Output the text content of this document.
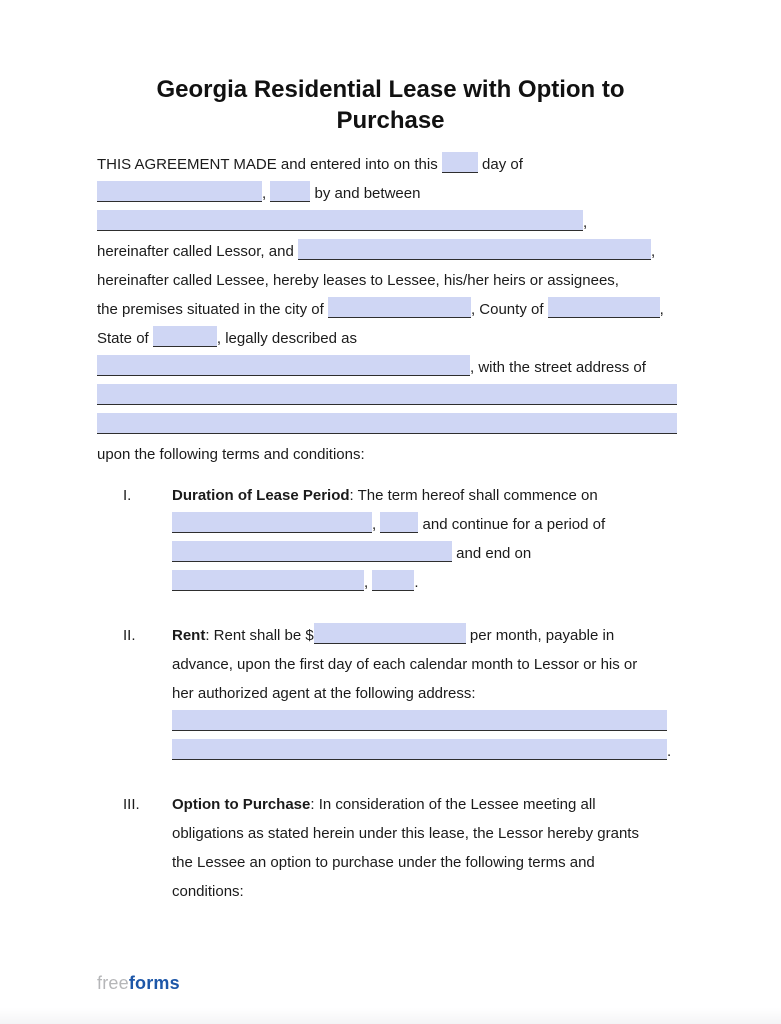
Georgia Residential Lease with Option to Purchase
THIS AGREEMENT MADE and entered into on this  day of
,	by and between
,
hereinafter called Lessor, and	,
hereinafter called Lessee, hereby leases to Lessee, his/her heirs or assignees,
the premises situated in the city of	, County of	,
State of	, legally described as
, with the street address of
upon the following terms and conditions:
I.	Duration of Lease Period: The term hereof shall commence on
,	and continue for a period of
and end on
,	.
II.	Rent: Rent shall be $	per month, payable in
advance, upon the first day of each calendar month to Lessor or his or
her authorized agent at the following address:
.
III.	Option to Purchase: In consideration of the Lessee meeting all
obligations as stated herein under this lease, the Lessor hereby grants
the Lessee an option to purchase under the following terms and
conditions:
freeforms
